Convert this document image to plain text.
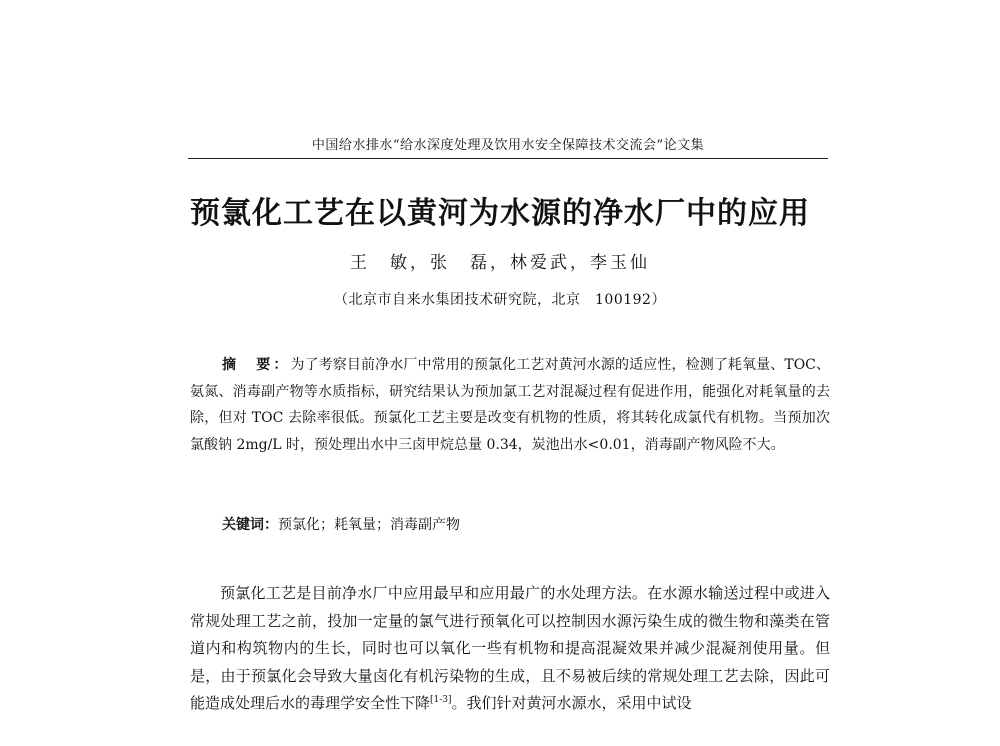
中国给水排水“给水深度处理及饮用水安全保障技术交流会”论文集
预氯化工艺在以黄河为水源的净水厂中的应用
王　敏，张　磊，林爱武，李玉仙
（北京市自来水集团技术研究院，北京　100192）
摘　要：为了考察目前净水厂中常用的预氯化工艺对黄河水源的适应性，检测了耗氧量、TOC、氨氮、消毒副产物等水质指标，研究结果认为预加氯工艺对混凝过程有促进作用，能强化对耗氧量的去除，但对 TOC 去除率很低。预氯化工艺主要是改变有机物的性质，将其转化成氯代有机物。当预加次氯酸钠 2mg/L 时，预处理出水中三卤甲烷总量 0.34，炭池出水<0.01，消毒副产物风险不大。
关键词：预氯化；耗氧量；消毒副产物
预氯化工艺是目前净水厂中应用最早和应用最广的水处理方法。在水源水输送过程中或进入常规处理工艺之前，投加一定量的氯气进行预氧化可以控制因水源污染生成的微生物和藻类在管道内和构筑物内的生长，同时也可以氧化一些有机物和提高混凝效果并减少混凝剂使用量。但是，由于预氯化会导致大量卤化有机污染物的生成，且不易被后续的常规处理工艺去除，因此可能造成处理后水的毒理学安全性下降[1-3]。我们针对黄河水源水，采用中试设
